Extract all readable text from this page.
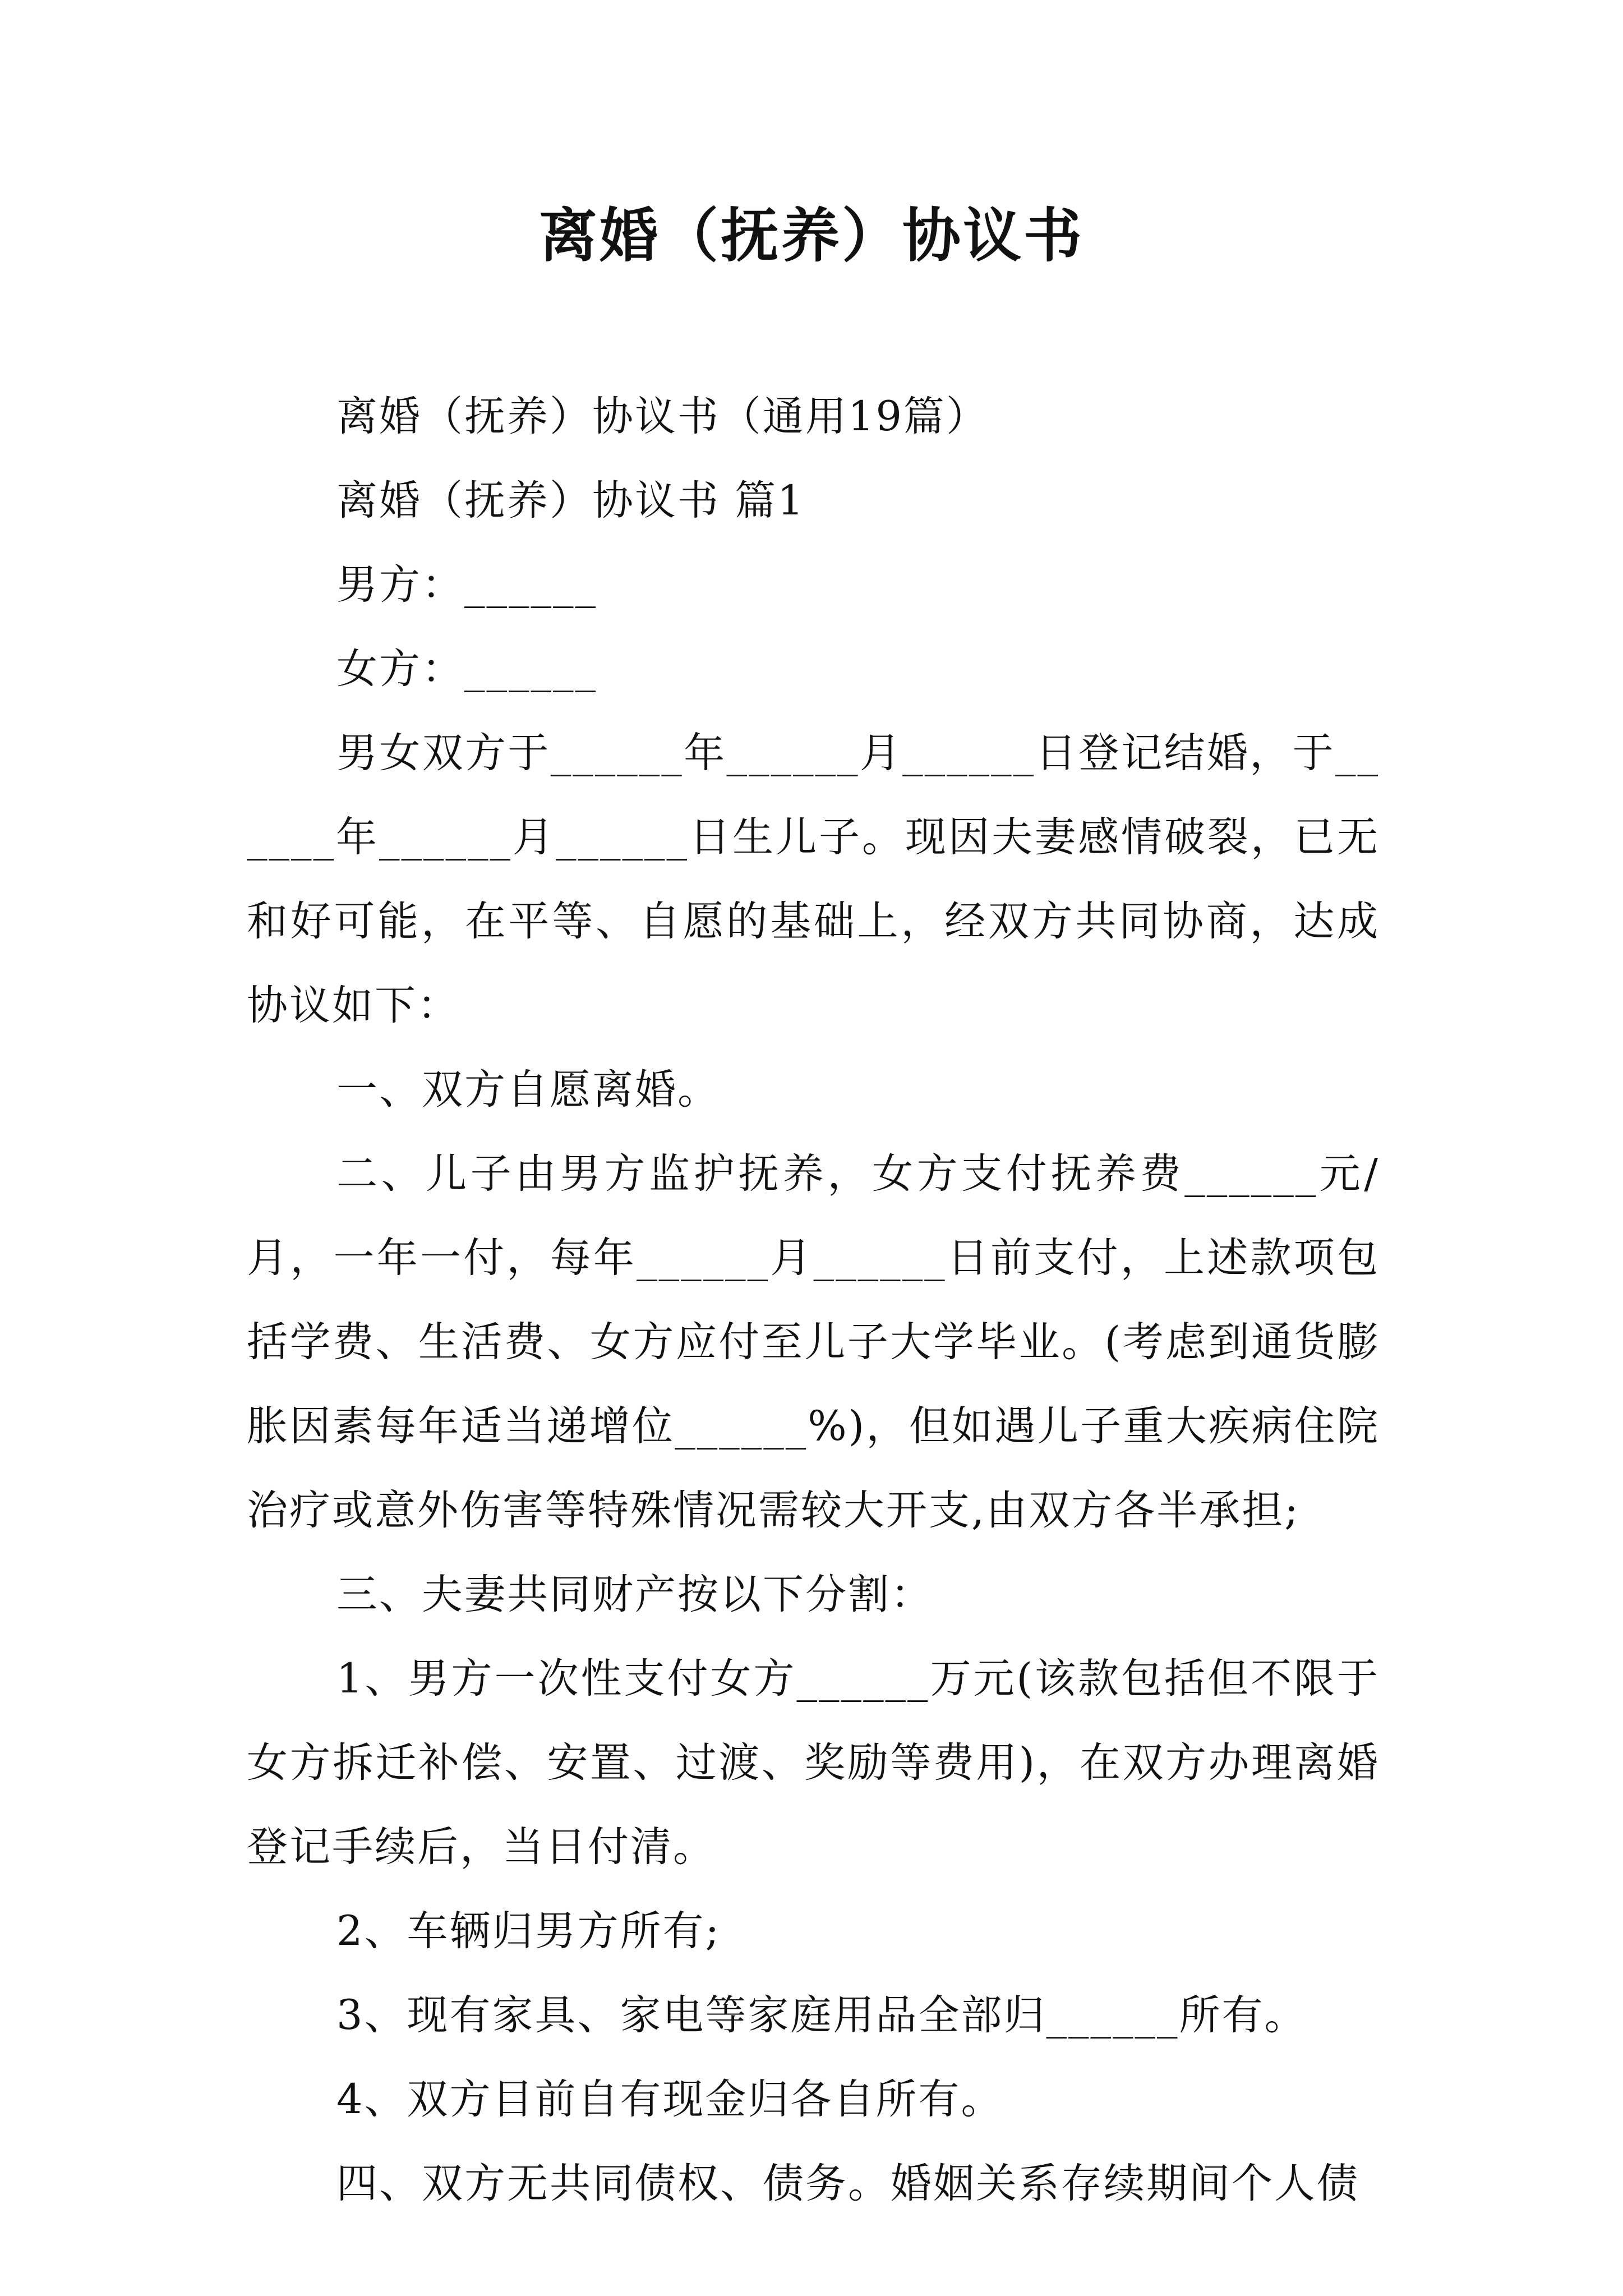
离婚（抚养）协议书

离婚（抚养）协议书（通用19篇）

离婚（抚养）协议书 篇1

男方：______

女方：______

男女双方于______年______月______日登记结婚，于______年______月______日生儿子。现因夫妻感情破裂，已无和好可能，在平等、自愿的基础上，经双方共同协商，达成协议如下：

一、双方自愿离婚。

二、儿子由男方监护抚养，女方支付抚养费______元/月，一年一付，每年______月______日前支付，上述款项包括学费、生活费、女方应付至儿子大学毕业。(考虑到通货膨胀因素每年适当递增位______%)，但如遇儿子重大疾病住院治疗或意外伤害等特殊情况需较大开支,由双方各半承担;

三、夫妻共同财产按以下分割：

1、男方一次性支付女方______万元(该款包括但不限于女方拆迁补偿、安置、过渡、奖励等费用)，在双方办理离婚登记手续后，当日付清。

2、车辆归男方所有;

3、现有家具、家电等家庭用品全部归______所有。

4、双方目前自有现金归各自所有。

四、双方无共同债权、债务。婚姻关系存续期间个人债
